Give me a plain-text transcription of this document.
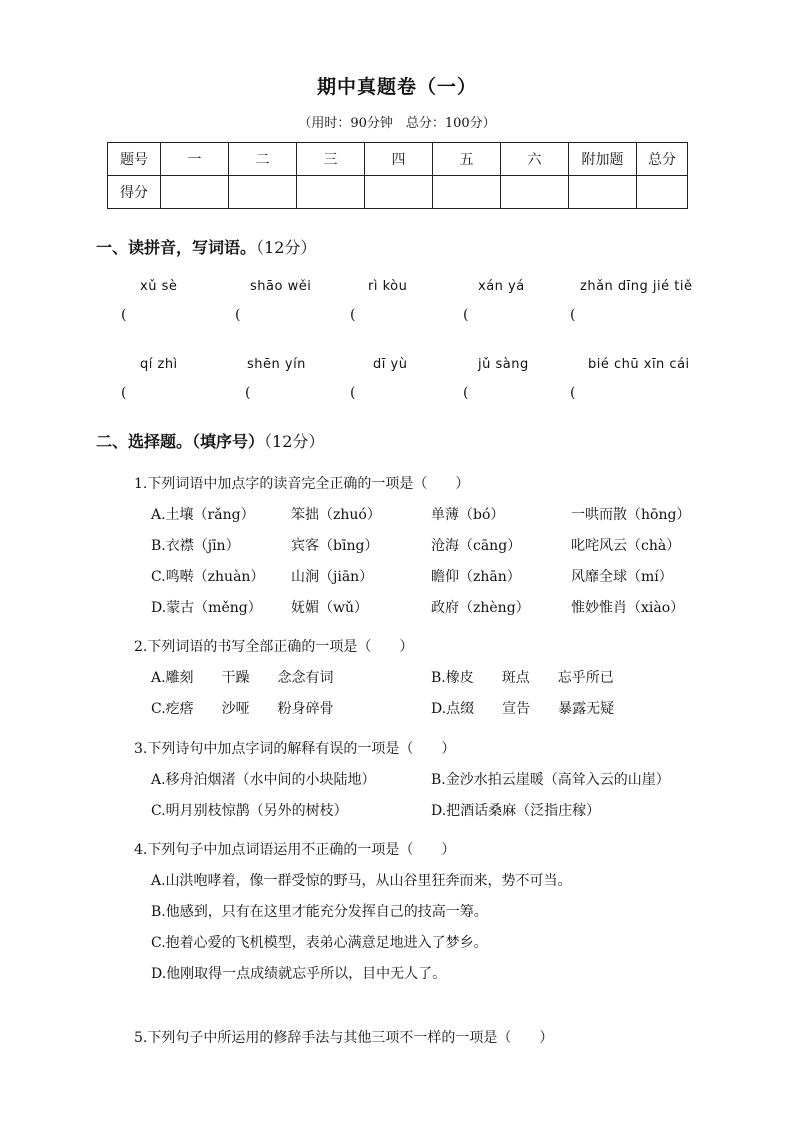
期中真题卷（一）
（用时：90分钟　总分：100分）
题号	一	二	三	四	五	六	附加题	总分
得分								
一、读拼音，写词语。（12分）
xǔ sè	shāo wěi	rì kòu	xán yá	zhǎn dīng jié tiě
(	(	(	(	(
qí zhì	shēn yín	dī yù	jǔ sàng	bié chū xīn cái
(	(	(	(	(
二、选择题。（填序号）（12分）
1.下列词语中加点字的读音完全正确的一项是（　　）
A.土壤（rǎng）	笨拙（zhuó）	单薄（bó）	一哄而散（hōng）
B.衣襟（jīn）	宾客（bīng）	沧海（cāng）	叱咤风云（chà）
C.鸣啭（zhuàn） 山涧（jiān）	瞻仰（zhān）	风靡全球（mí）
D.蒙古（měng） 妩媚（wǔ）	政府（zhèng）	惟妙惟肖（xiào）
2.下列词语的书写全部正确的一项是（　　）
A.雕刻　　干躁　　念念有词	B.橡皮　　斑点　　忘乎所已
C.疙瘩　　沙哑　　粉身碎骨	D.点缀　　宣告　　暴露无疑
3.下列诗句中加点字词的解释有误的一项是（　　）
A.移舟泊烟渚（水中间的小块陆地）	B.金沙水拍云崖暖（高耸入云的山崖）
C.明月别枝惊鹊（另外的树枝）	D.把酒话桑麻（泛指庄稼）
4.下列句子中加点词语运用不正确的一项是（　　）
A.山洪咆哮着，像一群受惊的野马，从山谷里狂奔而来，势不可当。
B.他感到，只有在这里才能充分发挥自己的技高一筹。
C.抱着心爱的飞机模型，表弟心满意足地进入了梦乡。
D.他刚取得一点成绩就忘乎所以，目中无人了。
5.下列句子中所运用的修辞手法与其他三项不一样的一项是（　　）
